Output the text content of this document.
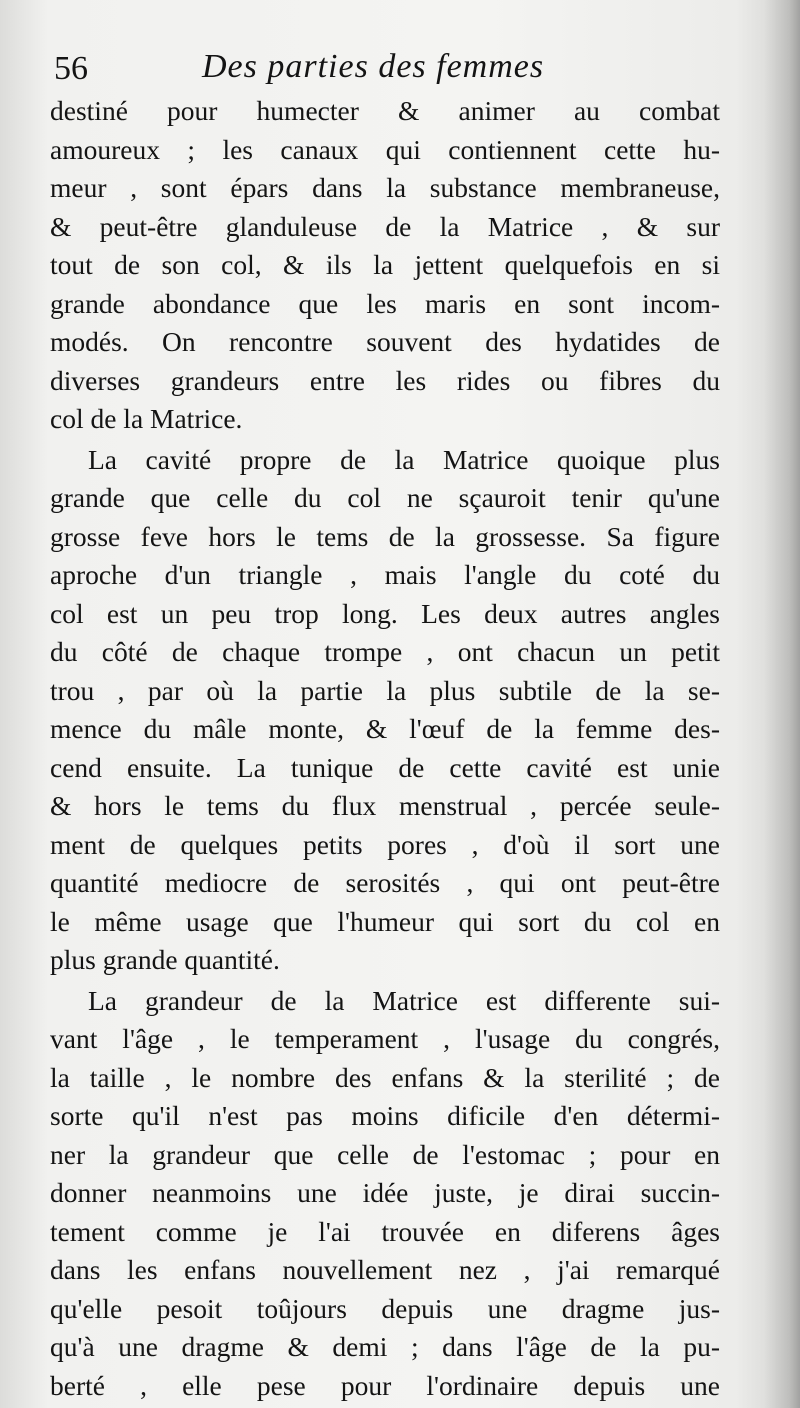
56	Des parties des femmes
destiné pour humecter & animer au combat
amoureux ; les canaux qui contiennent cette hu-
meur , sont épars dans la substance membraneuse,
& peut-être glanduleuse de la Matrice , & sur
tout de son col, & ils la jettent quelquefois en si
grande abondance que les maris en sont incom-
modés. On rencontre souvent des hydatides de
diverses grandeurs entre les rides ou fibres du
col de la Matrice.
La cavité propre de la Matrice quoique plus
grande que celle du col ne sçauroit tenir qu'une
grosse feve hors le tems de la grossesse. Sa figure
aproche d'un triangle , mais l'angle du coté du
col est un peu trop long. Les deux autres angles
du côté de chaque trompe , ont chacun un petit
trou , par où la partie la plus subtile de la se-
mence du mâle monte, & l'œuf de la femme des-
cend ensuite. La tunique de cette cavité est unie
& hors le tems du flux menstrual , percée seule-
ment de quelques petits pores , d'où il sort une
quantité mediocre de serosités , qui ont peut-être
le même usage que l'humeur qui sort du col en
plus grande quantité.
La grandeur de la Matrice est differente sui-
vant l'âge , le temperament , l'usage du congrés,
la taille , le nombre des enfans & la sterilité ; de
sorte qu'il n'est pas moins dificile d'en détermi-
ner la grandeur que celle de l'estomac ; pour en
donner neanmoins une idée juste, je dirai succin-
tement comme je l'ai trouvée en diferens âges
dans les enfans nouvellement nez , j'ai remarqué
qu'elle pesoit toûjours depuis une dragme jus-
qu'à une dragme & demi ; dans l'âge de la pu-
berté , elle pese pour l'ordinaire depuis une
